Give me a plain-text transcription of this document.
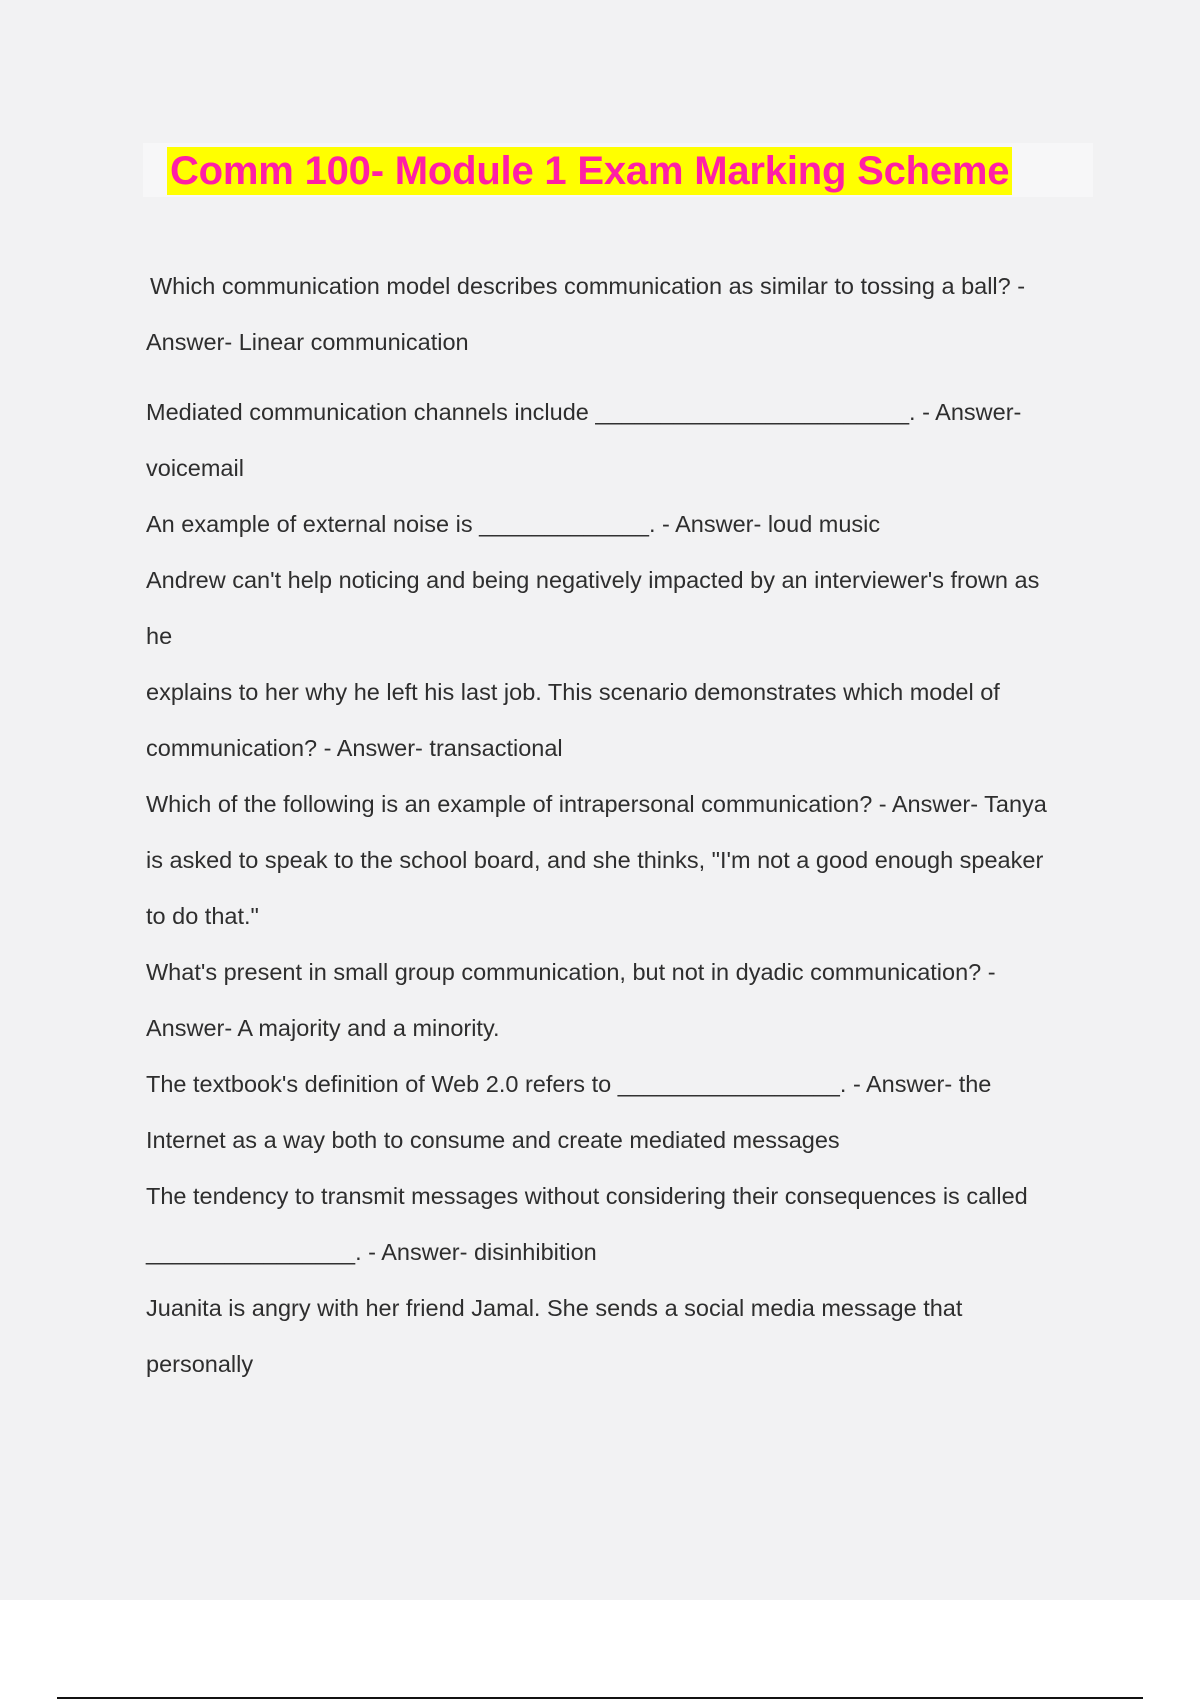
Comm 100- Module 1 Exam Marking Scheme
Which communication model describes communication as similar to tossing a ball? -
Answer- Linear communication
Mediated communication channels include ________________________. - Answer-
voicemail
An example of external noise is _____________. - Answer- loud music
Andrew can't help noticing and being negatively impacted by an interviewer's frown as
he
explains to her why he left his last job. This scenario demonstrates which model of
communication? - Answer- transactional
Which of the following is an example of intrapersonal communication? - Answer- Tanya
is asked to speak to the school board, and she thinks, "I'm not a good enough speaker
to do that."
What's present in small group communication, but not in dyadic communication? -
Answer- A majority and a minority.
The textbook's definition of Web 2.0 refers to _________________. - Answer- the
Internet as a way both to consume and create mediated messages
The tendency to transmit messages without considering their consequences is called
________________. - Answer- disinhibition
Juanita is angry with her friend Jamal. She sends a social media message that
personally
